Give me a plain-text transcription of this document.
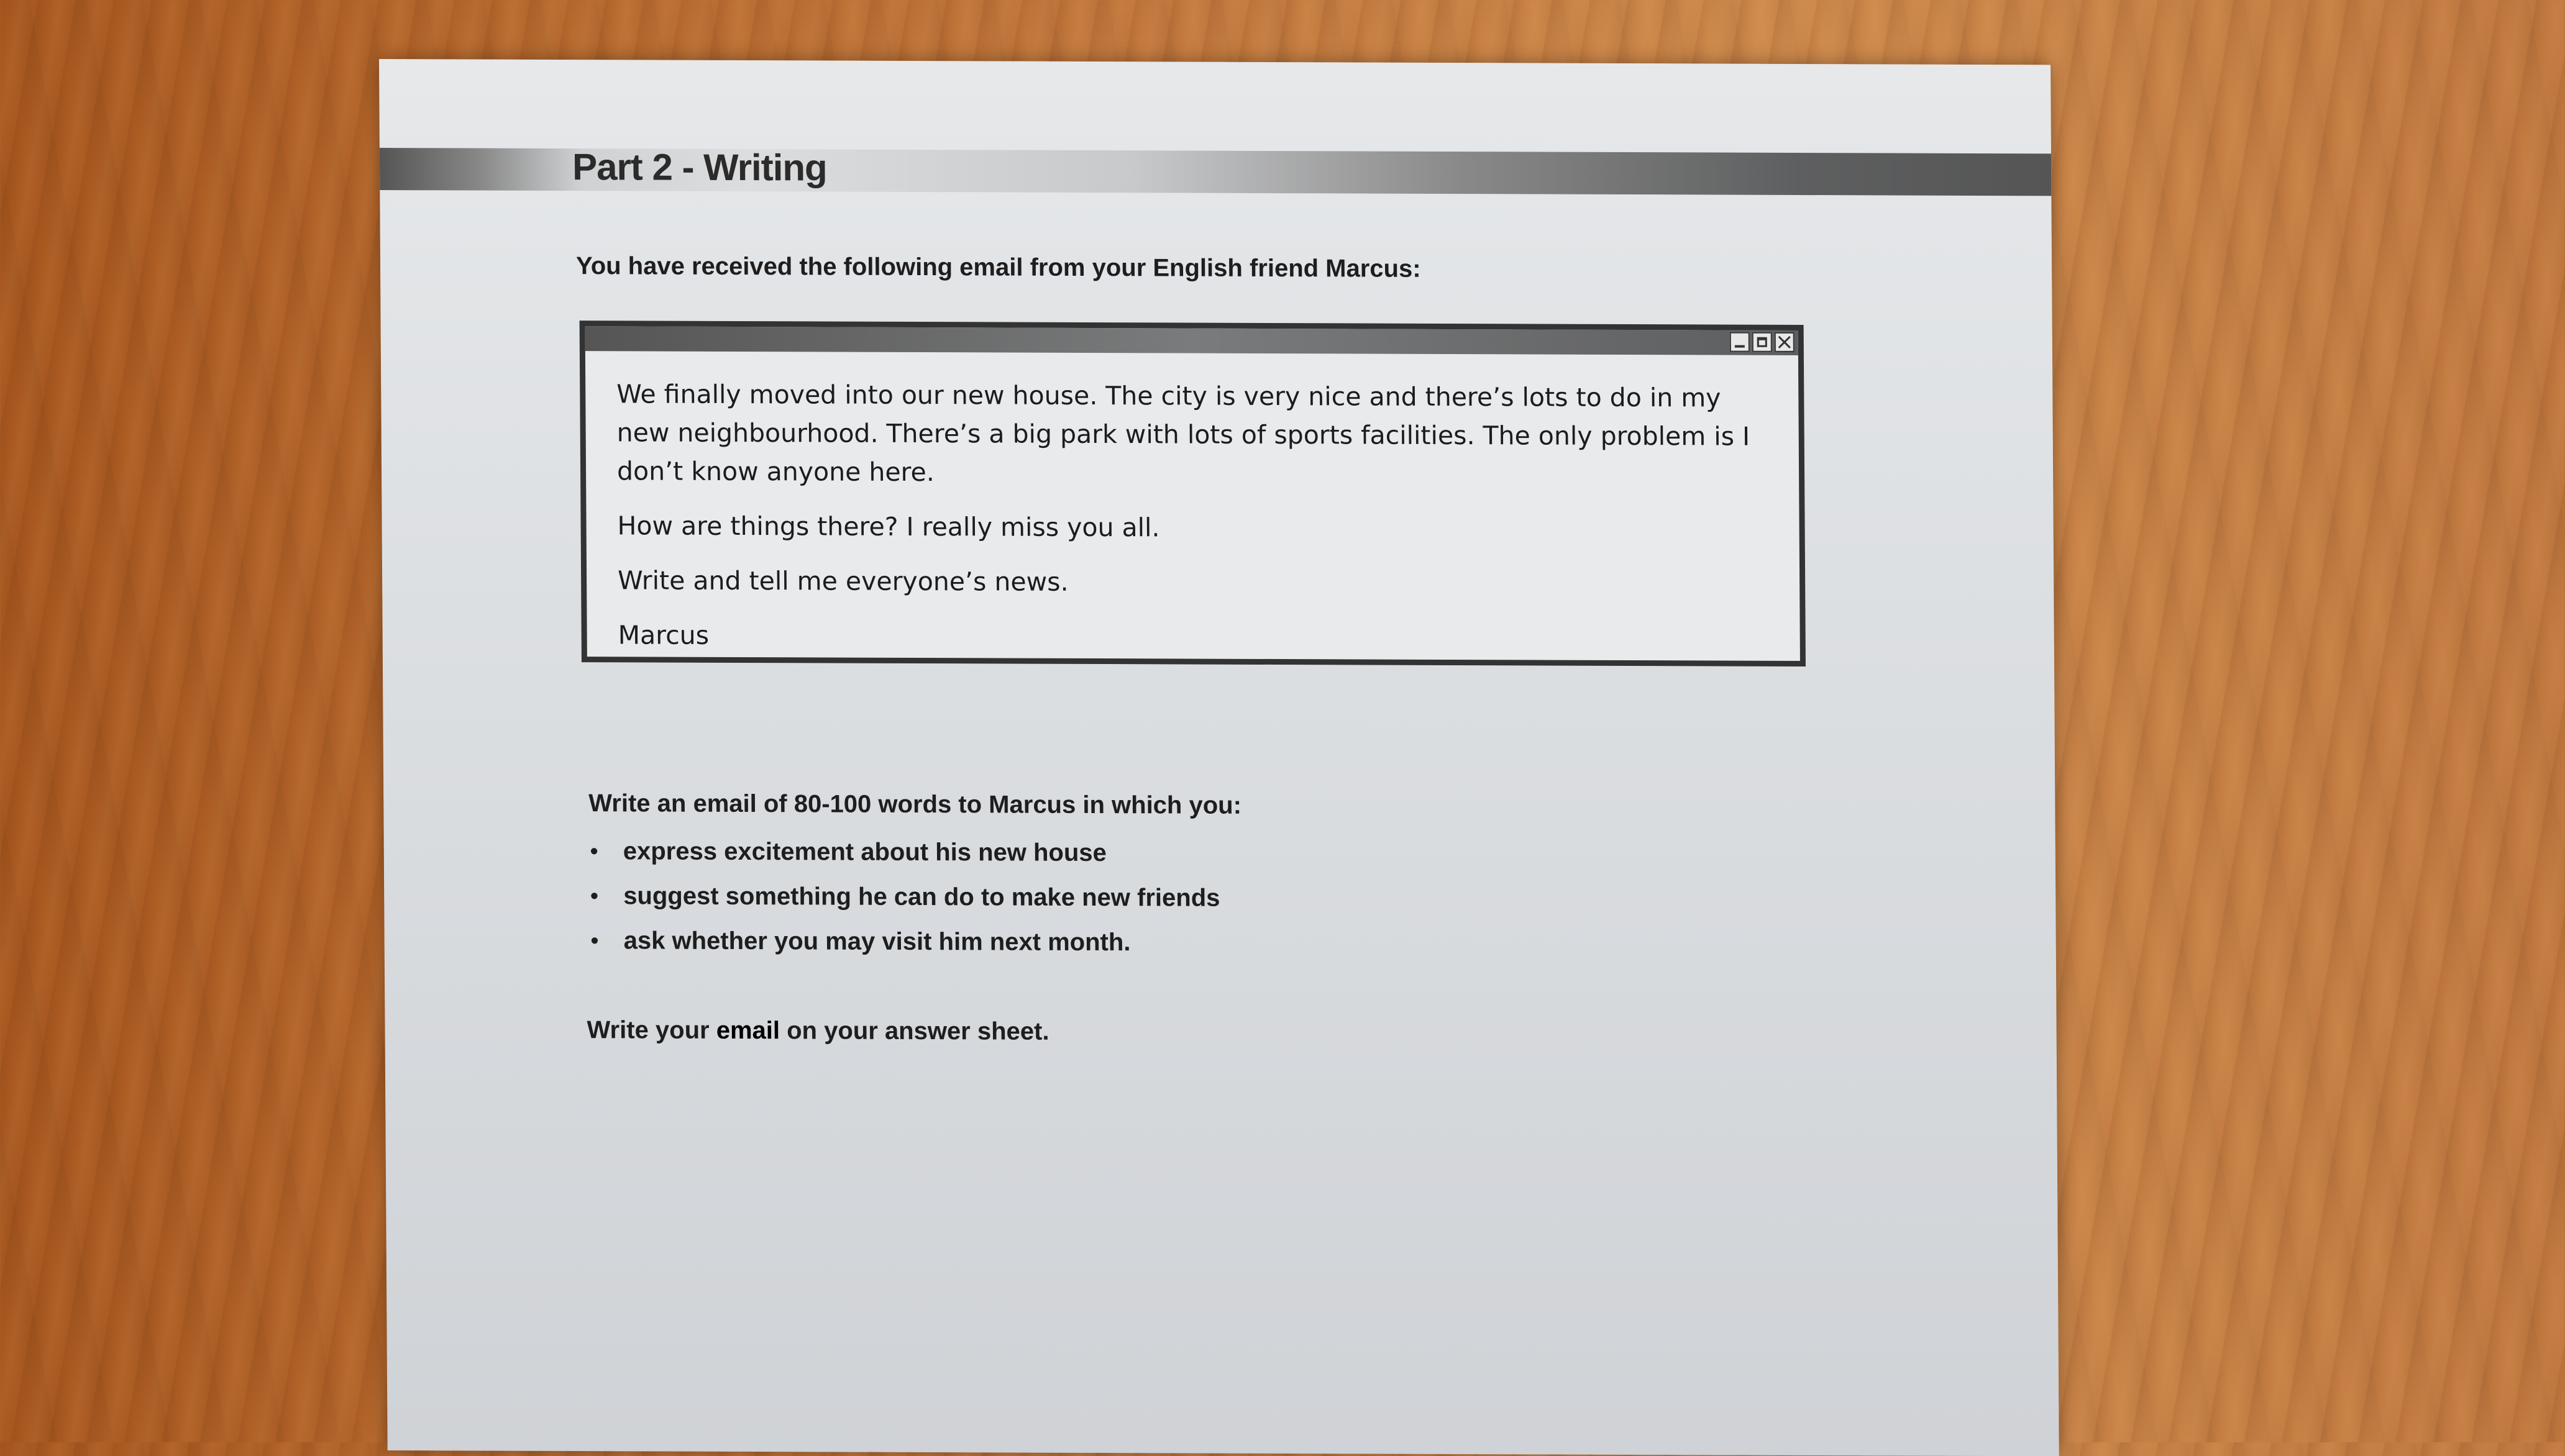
Part 2 - Writing
You have received the following email from your English friend Marcus:

We finally moved into our new house. The city is very nice and there’s lots to do in my new neighbourhood. There’s a big park with lots of sports facilities. The only problem is I don’t know anyone here.

How are things there? I really miss you all.

Write and tell me everyone’s news.

Marcus

Write an email of 80-100 words to Marcus in which you:
• express excitement about his new house
• suggest something he can do to make new friends
• ask whether you may visit him next month.
Write your email on your answer sheet.
